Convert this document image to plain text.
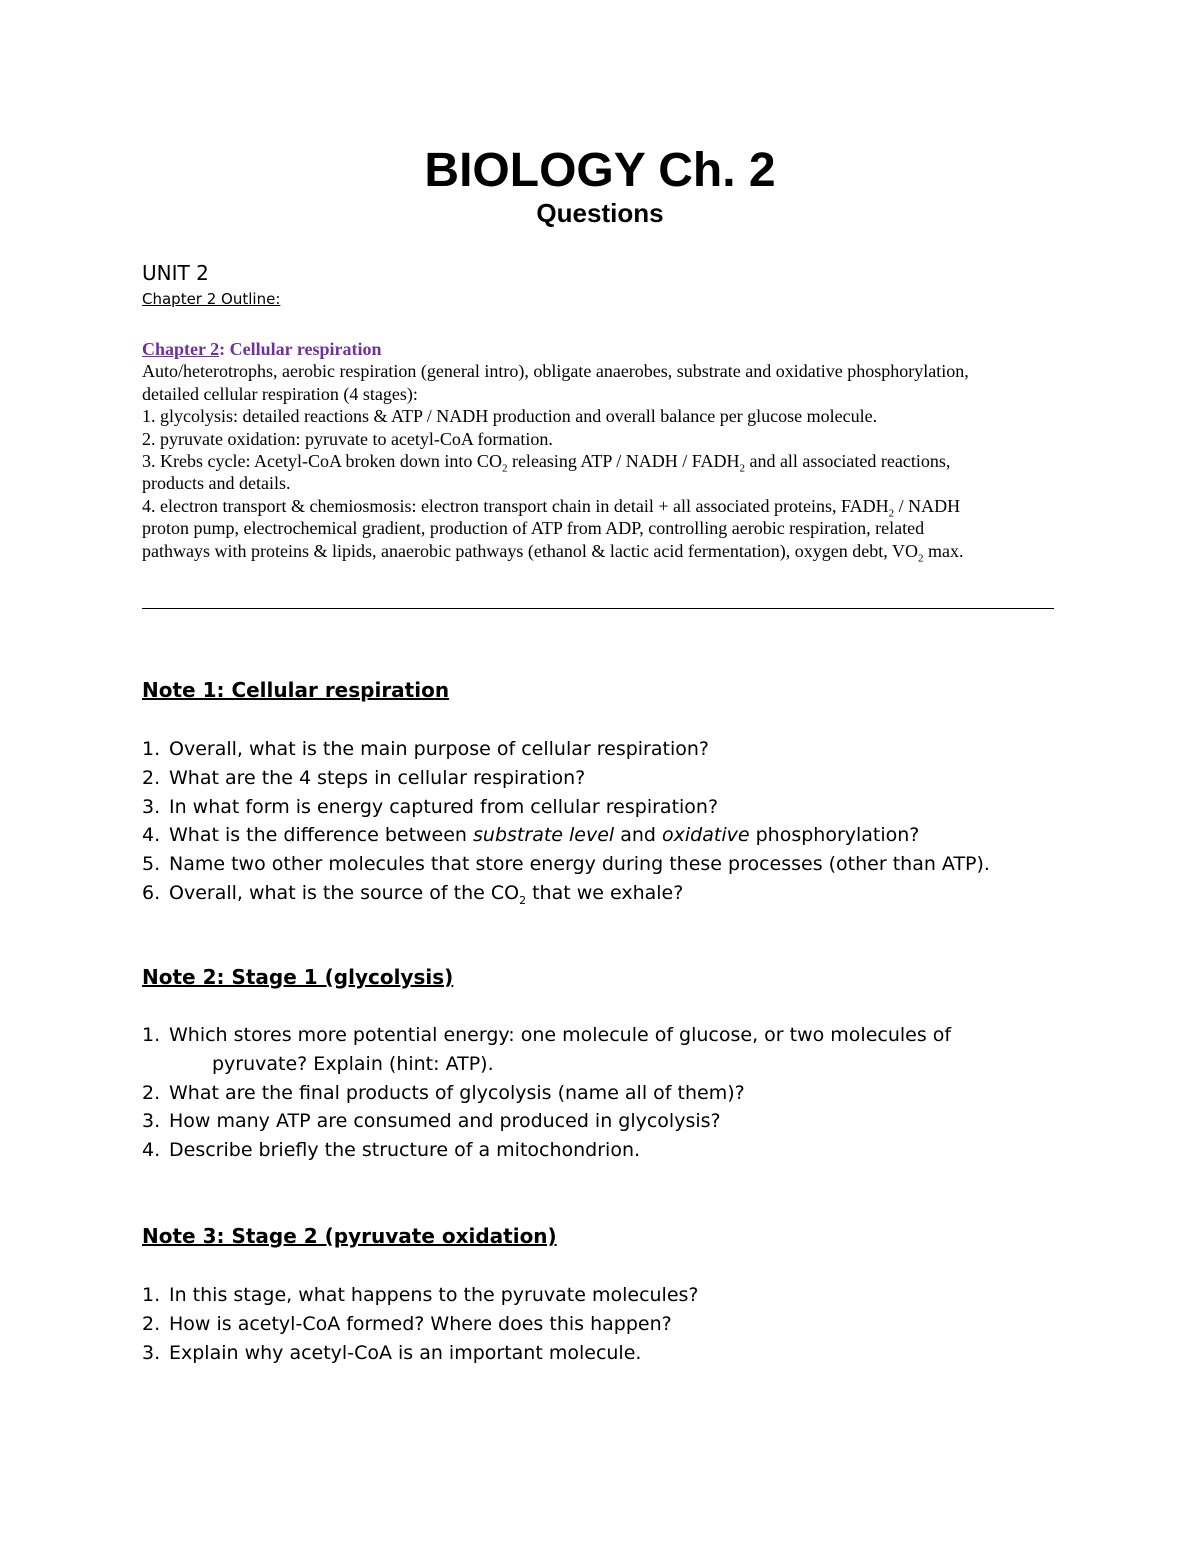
BIOLOGY Ch. 2
Questions
UNIT 2
Chapter 2 Outline:
Chapter 2: Cellular respiration
Auto/heterotrophs, aerobic respiration (general intro), obligate anaerobes, substrate and oxidative phosphorylation,
detailed cellular respiration (4 stages):
1. glycolysis: detailed reactions & ATP / NADH production and overall balance per glucose molecule.
2. pyruvate oxidation: pyruvate to acetyl-CoA formation.
3. Krebs cycle: Acetyl-CoA broken down into $CO_2$ releasing ATP / NADH / $FADH_2$ and all associated reactions,
products and details.
4. electron transport & chemiosmosis: electron transport chain in detail + all associated proteins, $FADH_2$ / NADH
proton pump, electrochemical gradient, production of ATP from ADP, controlling aerobic respiration, related
pathways with proteins & lipids, anaerobic pathways (ethanol & lactic acid fermentation), oxygen debt, $VO_2$ max.
Note 1: Cellular respiration
1. Overall, what is the main purpose of cellular respiration?
2. What are the 4 steps in cellular respiration?
3. In what form is energy captured from cellular respiration?
4. What is the difference between substrate level and oxidative phosphorylation?
5. Name two other molecules that store energy during these processes (other than ATP).
6. Overall, what is the source of the $CO_2$ that we exhale?
Note 2: Stage 1 (glycolysis)
1. Which stores more potential energy: one molecule of glucose, or two molecules of
pyruvate? Explain (hint: ATP).
2. What are the final products of glycolysis (name all of them)?
3. How many ATP are consumed and produced in glycolysis?
4. Describe briefly the structure of a mitochondrion.
Note 3: Stage 2 (pyruvate oxidation)
1. In this stage, what happens to the pyruvate molecules?
2. How is acetyl-CoA formed? Where does this happen?
3. Explain why acetyl-CoA is an important molecule.
